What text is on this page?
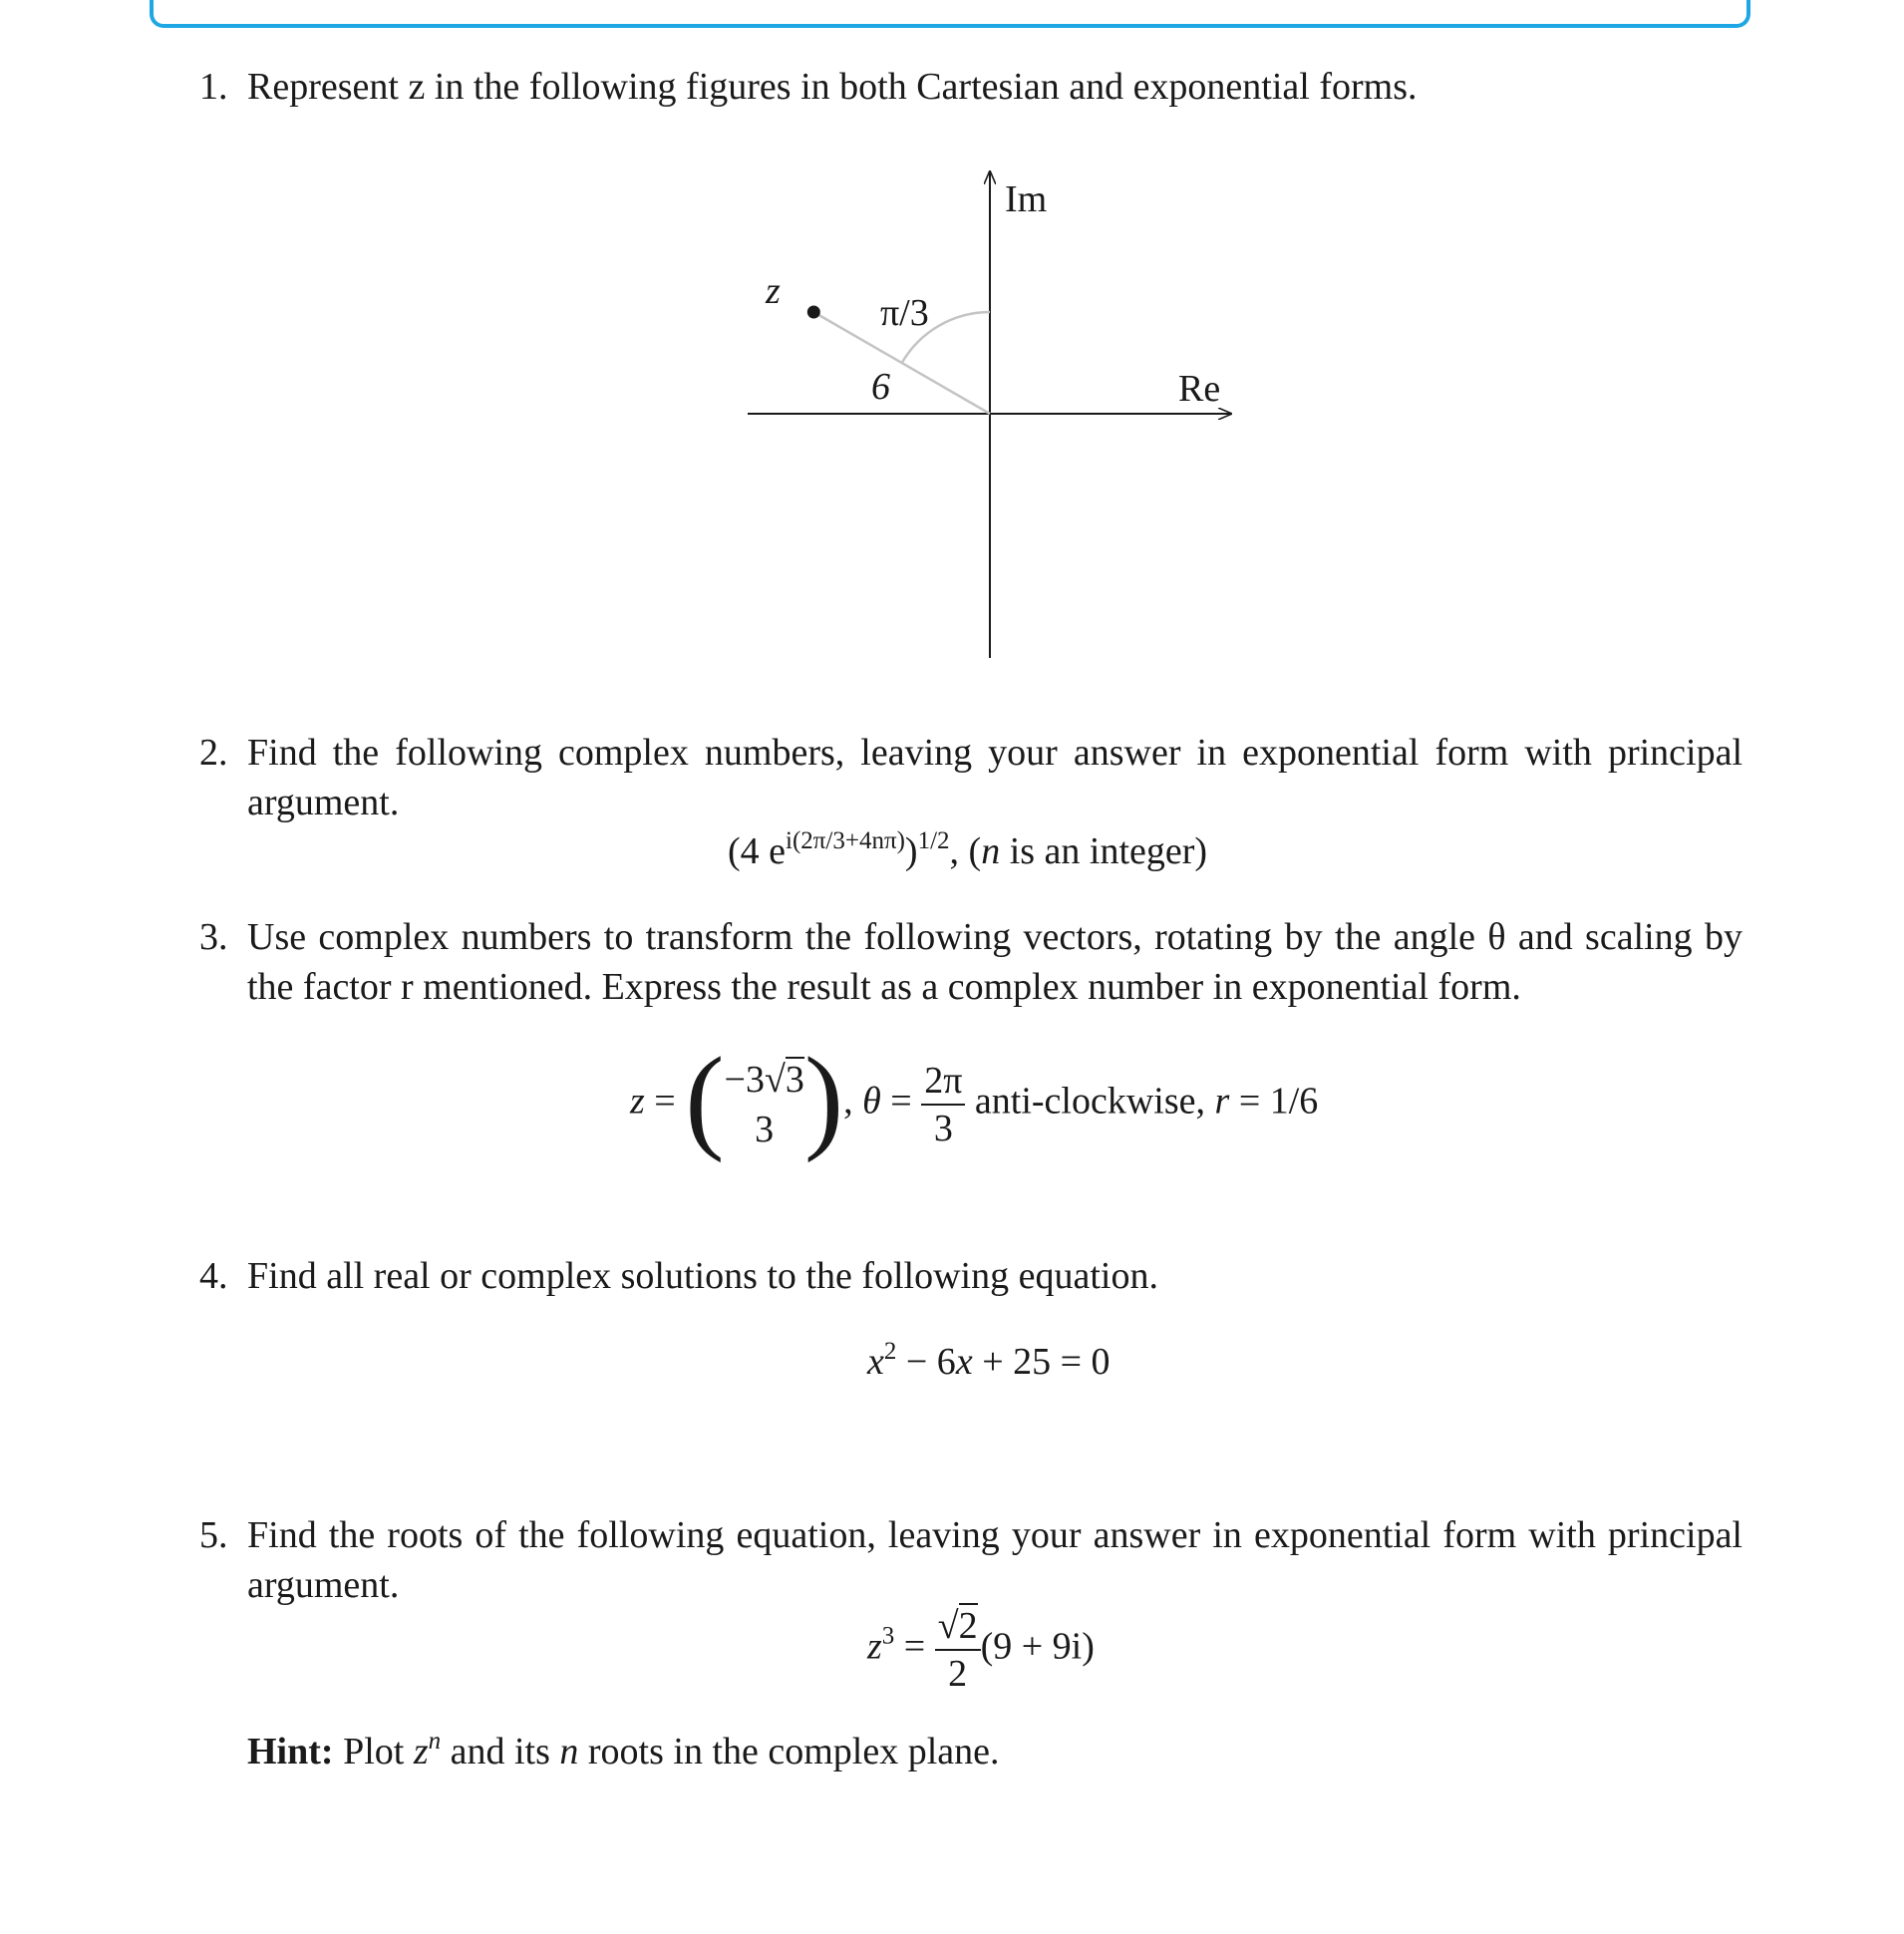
1. Represent z in the following figures in both Cartesian and exponential forms.
Im
Re
z
π/3
6
2. Find the following complex numbers, leaving your answer in exponential form with principal argument.
(4 $e^{i(2\pi/3+4n\pi)})^{1/2}$, (n is an integer)
3. Use complex numbers to transform the following vectors, rotating by the angle θ and scaling by the factor r mentioned. Express the result as a complex number in exponential form.
z = ( −3√3
3 ), $\theta = \frac{2\pi}{3}$ anti-clockwise, r = 1/6
4. Find all real or complex solutions to the following equation.
$x^2 - 6x + 25 = 0$
5. Find the roots of the following equation, leaving your answer in exponential form with principal argument.
$z^3 = \frac{√2}{2} (9 + 9i)$
Hint: Plot $z^n$ and its n roots in the complex plane.
